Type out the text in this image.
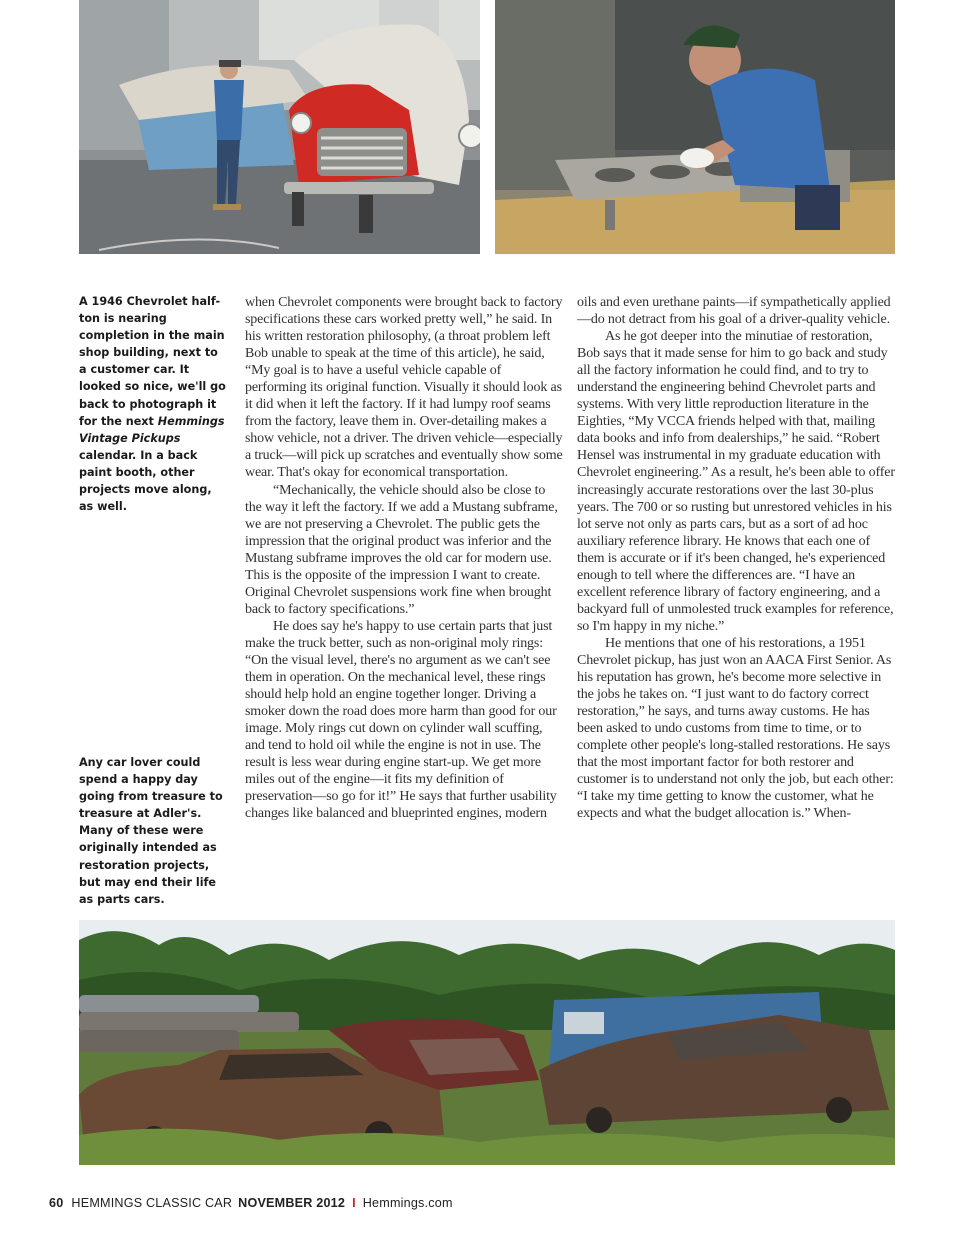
A 1946 Chevrolet half-ton is nearing completion in the main shop building, next to a customer car. It looked so nice, we'll go back to photograph it for the next Hemmings Vintage Pickups calendar. In a back paint booth, other projects move along, as well.

Any car lover could spend a happy day going from treasure to treasure at Adler's. Many of these were originally intended as restoration projects, but may end their life as parts cars.

when Chevrolet components were brought back to factory specifications these cars worked pretty well,” he said. In his written restoration philosophy, (a throat problem left Bob unable to speak at the time of this article), he said, “My goal is to have a useful vehicle capable of performing its original function. Visually it should look as it did when it left the factory. If it had lumpy roof seams from the factory, leave them in. Over-detailing makes a show vehicle, not a driver. The driven vehicle—especially a truck—will pick up scratches and eventually show some wear. That's okay for economical transportation.

“Mechanically, the vehicle should also be close to the way it left the factory. If we add a Mustang subframe, we are not preserving a Chevrolet. The public gets the impression that the original product was inferior and the Mustang subframe improves the old car for modern use. This is the opposite of the impression I want to create. Original Chevrolet suspensions work fine when brought back to factory specifications.”

He does say he's happy to use certain parts that just make the truck better, such as non-original moly rings: “On the visual level, there's no argument as we can't see them in operation. On the mechanical level, these rings should help hold an engine together longer. Driving a smoker down the road does more harm than good for our image. Moly rings cut down on cylinder wall scuffing, and tend to hold oil while the engine is not in use. The result is less wear during engine start-up. We get more miles out of the engine—it fits my definition of preservation—so go for it!” He says that further usability changes like balanced and blueprinted engines, modern

oils and even urethane paints—if sympathetically applied—do not detract from his goal of a driver-quality vehicle.

As he got deeper into the minutiae of restoration, Bob says that it made sense for him to go back and study all the factory information he could find, and to try to understand the engineering behind Chevrolet parts and systems. With very little reproduction literature in the Eighties, “My VCCA friends helped with that, mailing data books and info from dealerships,” he said. “Robert Hensel was instrumental in my graduate education with Chevrolet engineering.” As a result, he's been able to offer increasingly accurate restorations over the last 30-plus years. The 700 or so rusting but unrestored vehicles in his lot serve not only as parts cars, but as a sort of ad hoc auxiliary reference library. He knows that each one of them is accurate or if it's been changed, he's experienced enough to tell where the differences are. “I have an excellent reference library of factory engineering, and a backyard full of unmolested truck examples for reference, so I'm happy in my niche.”

He mentions that one of his restorations, a 1951 Chevrolet pickup, has just won an AACA First Senior. As his reputation has grown, he's become more selective in the jobs he takes on. “I just want to do factory correct restoration,” he says, and turns away customs. He has been asked to undo customs from time to time, or to complete other people's long-stalled restorations. He says that the most important factor for both restorer and customer is to understand not only the job, but each other: “I take my time getting to know the customer, what he expects and what the budget allocation is.” When-

60 HEMMINGS CLASSIC CAR NOVEMBER 2012 I Hemmings.com
